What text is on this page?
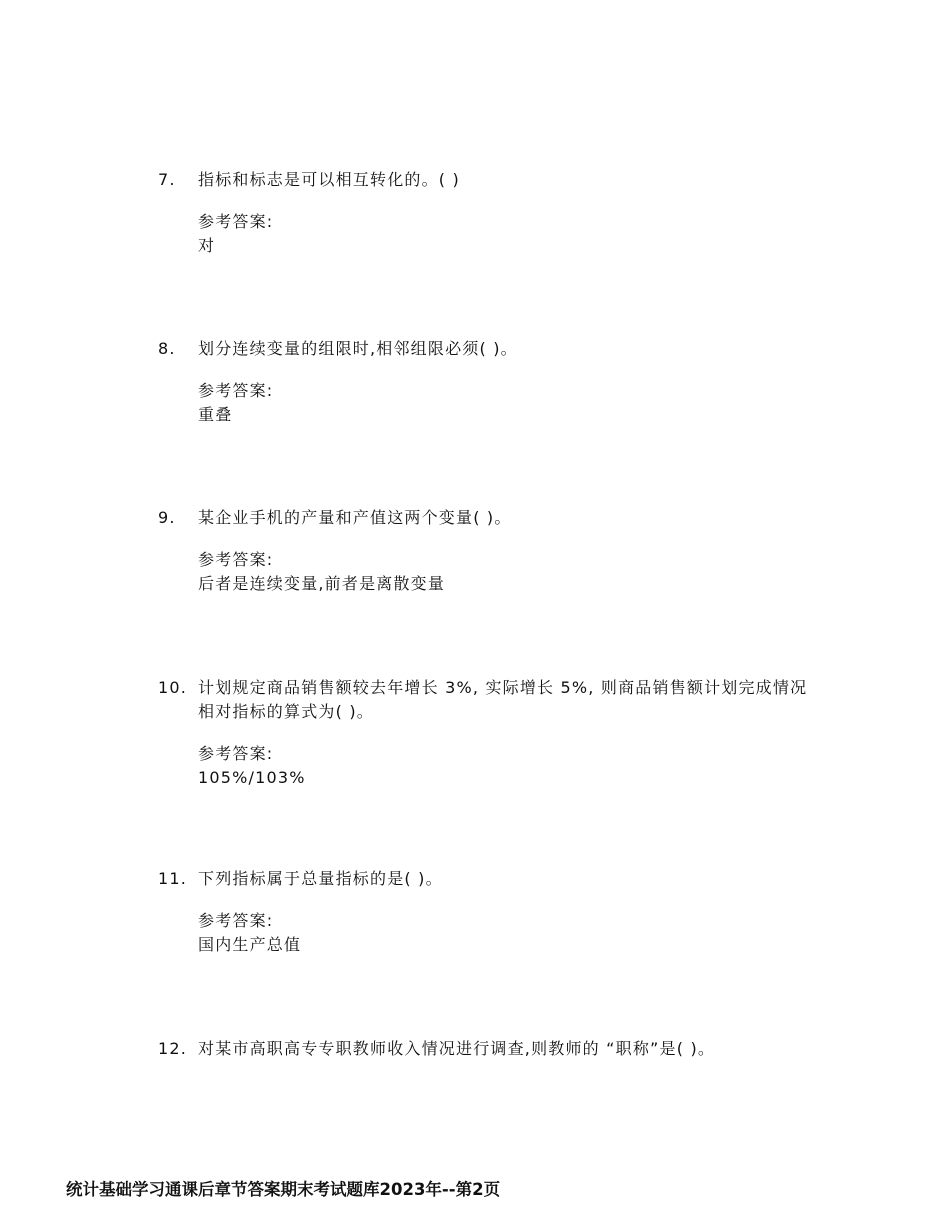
7.	指标和标志是可以相互转化的。( )
参考答案:
对
8.	划分连续变量的组限时,相邻组限必须( )。
参考答案:
重叠
9.	某企业手机的产量和产值这两个变量( )。
参考答案:
后者是连续变量,前者是离散变量
10. 计划规定商品销售额较去年增长 3%, 实际增长 5%, 则商品销售额计划完成情况相对指标的算式为( )。
参考答案:
105%/103%
11. 下列指标属于总量指标的是( )。
参考答案:
国内生产总值
12. 对某市高职高专专职教师收入情况进行调查,则教师的 “职称”是( )。
统计基础学习通课后章节答案期末考试题库2023年--第2页
